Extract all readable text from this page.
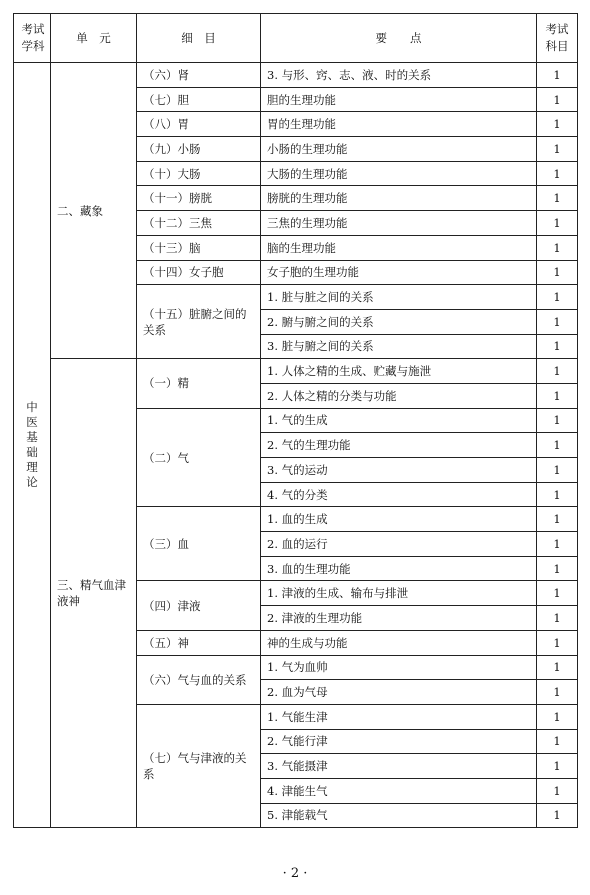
考试学科	单　元	细　目	要　　点	考试科目
中医基础理论	二、藏象	（六）肾	3. 与形、窍、志、液、时的关系	1
		（七）胆	胆的生理功能	1
		（八）胃	胃的生理功能	1
		（九）小肠	小肠的生理功能	1
		（十）大肠	大肠的生理功能	1
		（十一）膀胱	膀胱的生理功能	1
		（十二）三焦	三焦的生理功能	1
		（十三）脑	脑的生理功能	1
		（十四）女子胞	女子胞的生理功能	1
		（十五）脏腑之间的关系	1. 脏与脏之间的关系	1
			2. 腑与腑之间的关系	1
			3. 脏与腑之间的关系	1
	三、精气血津液神	（一）精	1. 人体之精的生成、贮藏与施泄	1
			2. 人体之精的分类与功能	1
		（二）气	1. 气的生成	1
			2. 气的生理功能	1
			3. 气的运动	1
			4. 气的分类	1
		（三）血	1. 血的生成	1
			2. 血的运行	1
			3. 血的生理功能	1
		（四）津液	1. 津液的生成、输布与排泄	1
			2. 津液的生理功能	1
		（五）神	神的生成与功能	1
		（六）气与血的关系	1. 气为血帅	1
			2. 血为气母	1
		（七）气与津液的关系	1. 气能生津	1
			2. 气能行津	1
			3. 气能摄津	1
			4. 津能生气	1
			5. 津能载气	1
· 2 ·
